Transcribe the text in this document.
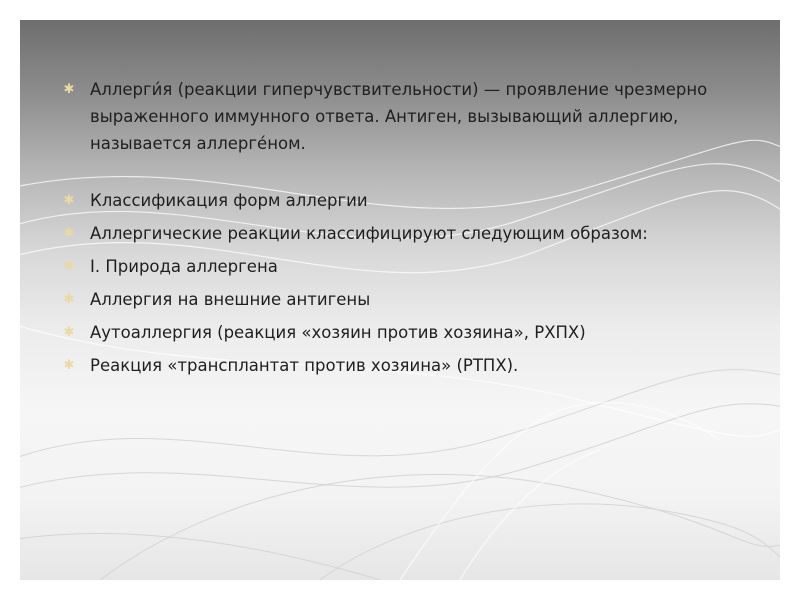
✱ Аллерги́я (реакции гиперчувствительности) — проявление чрезмерно выраженного иммунного ответа. Антиген, вызывающий аллергию, называется аллерге́ном.
✱ Классификация форм аллергии
✱ Аллергические реакции классифицируют следующим образом:
✱ I. Природа аллергена
✱ Аллергия на внешние антигены
✱ Аутоаллергия (реакция «хозяин против хозяина», РХПХ)
✱ Реакция «трансплантат против хозяина» (РТПХ).
